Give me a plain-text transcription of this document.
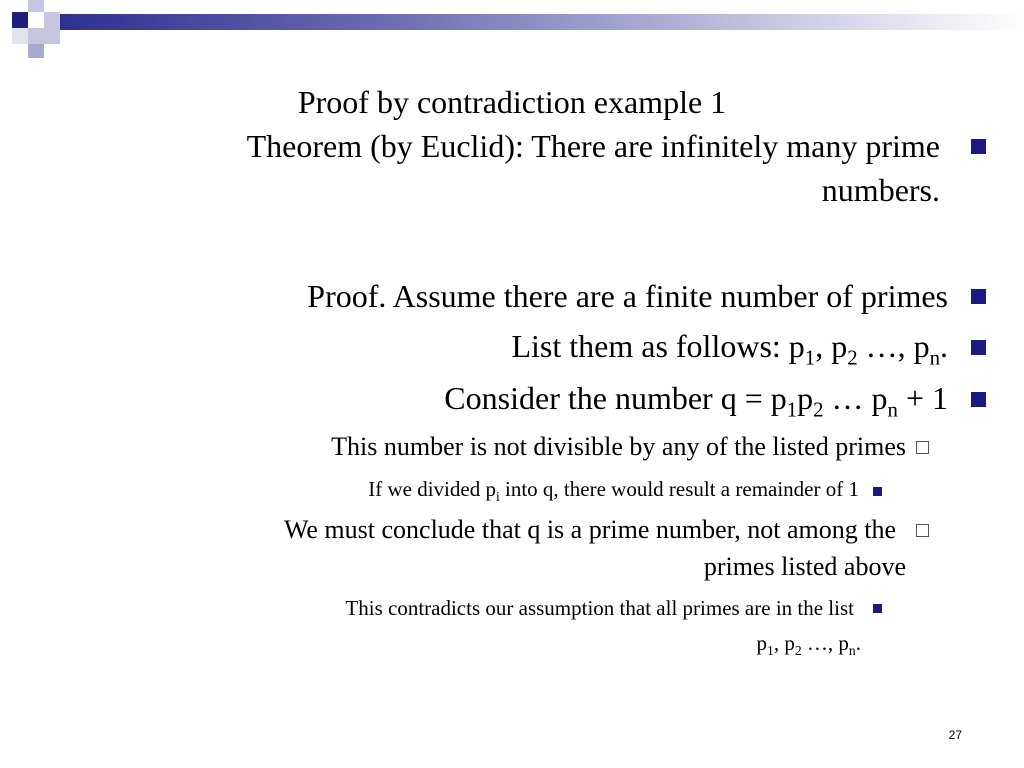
Proof by contradiction example 1
Theorem (by Euclid): There are infinitely many prime
numbers.
Proof. Assume there are a finite number of primes
List them as follows: $p_1$, $p_2$ …, $p_n$.
Consider the number $q = p_1p_2$ … $p_n + 1$
This number is not divisible by any of the listed primes
If we divided $p_i$ into q, there would result a remainder of 1
We must conclude that q is a prime number, not among the
primes listed above
This contradicts our assumption that all primes are in the list
$p_1$, $p_2$ …, $p_n$.
27
